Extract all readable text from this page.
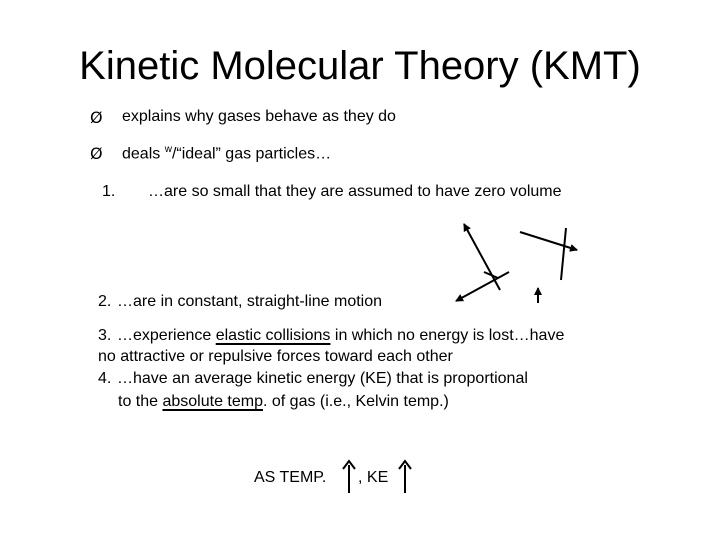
Kinetic Molecular Theory (KMT)
Ø explains why gases behave as they do
Ø deals $^w$/“ideal” gas particles…
1. …are so small that they are assumed to have zero volume
2. …are in constant, straight-line motion
3. …experience elastic collisions in which no energy is lost…have
no attractive or repulsive forces toward each other
4. …have an average kinetic energy (KE) that is proportional
to the absolute temp. of gas (i.e., Kelvin temp.)
AS TEMP. , KE
